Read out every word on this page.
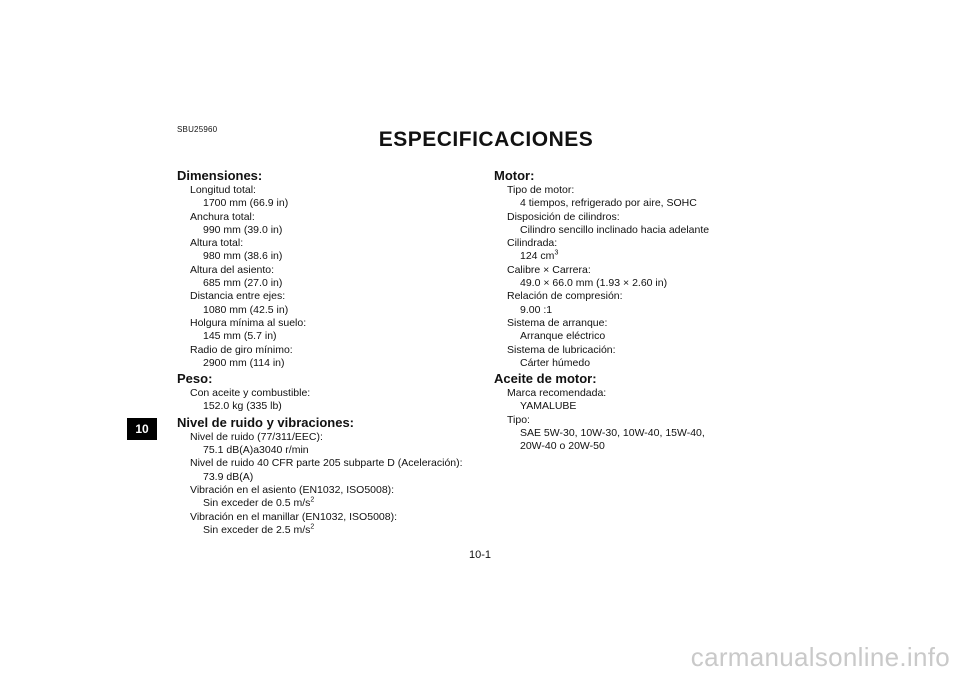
SBU25960	ESPECIFICACIONES
Dimensiones:
Longitud total:
1700 mm (66.9 in)
Anchura total:
990 mm (39.0 in)
Altura total:
980 mm (38.6 in)
Altura del asiento:
685 mm (27.0 in)
Distancia entre ejes:
1080 mm (42.5 in)
Holgura mínima al suelo:
145 mm (5.7 in)
Radio de giro mínimo:
2900 mm (114 in)
Peso:
Con aceite y combustible:
152.0 kg (335 lb)
Nivel de ruido y vibraciones:
Nivel de ruido (77/311/EEC):
75.1 dB(A)a3040 r/min
Nivel de ruido 40 CFR parte 205 subparte D (Aceleración):
73.9 dB(A)
Vibración en el asiento (EN1032, ISO5008):
Sin exceder de 0.5 $m/s^2$
Vibración en el manillar (EN1032, ISO5008):
Sin exceder de 2.5 $m/s^2$
Motor:
Tipo de motor:
4 tiempos, refrigerado por aire, SOHC
Disposición de cilindros:
Cilindro sencillo inclinado hacia adelante
Cilindrada:
124 $cm^3$
Calibre × Carrera:
49.0 × 66.0 mm (1.93 × 2.60 in)
Relación de compresión:
9.00 :1
Sistema de arranque:
Arranque eléctrico
Sistema de lubricación:
Cárter húmedo
Aceite de motor:
Marca recomendada:
YAMALUBE
Tipo:
SAE 5W-30, 10W-30, 10W-40, 15W-40,
20W-40 o 20W-50
10
10-1
carmanualsonline.info
